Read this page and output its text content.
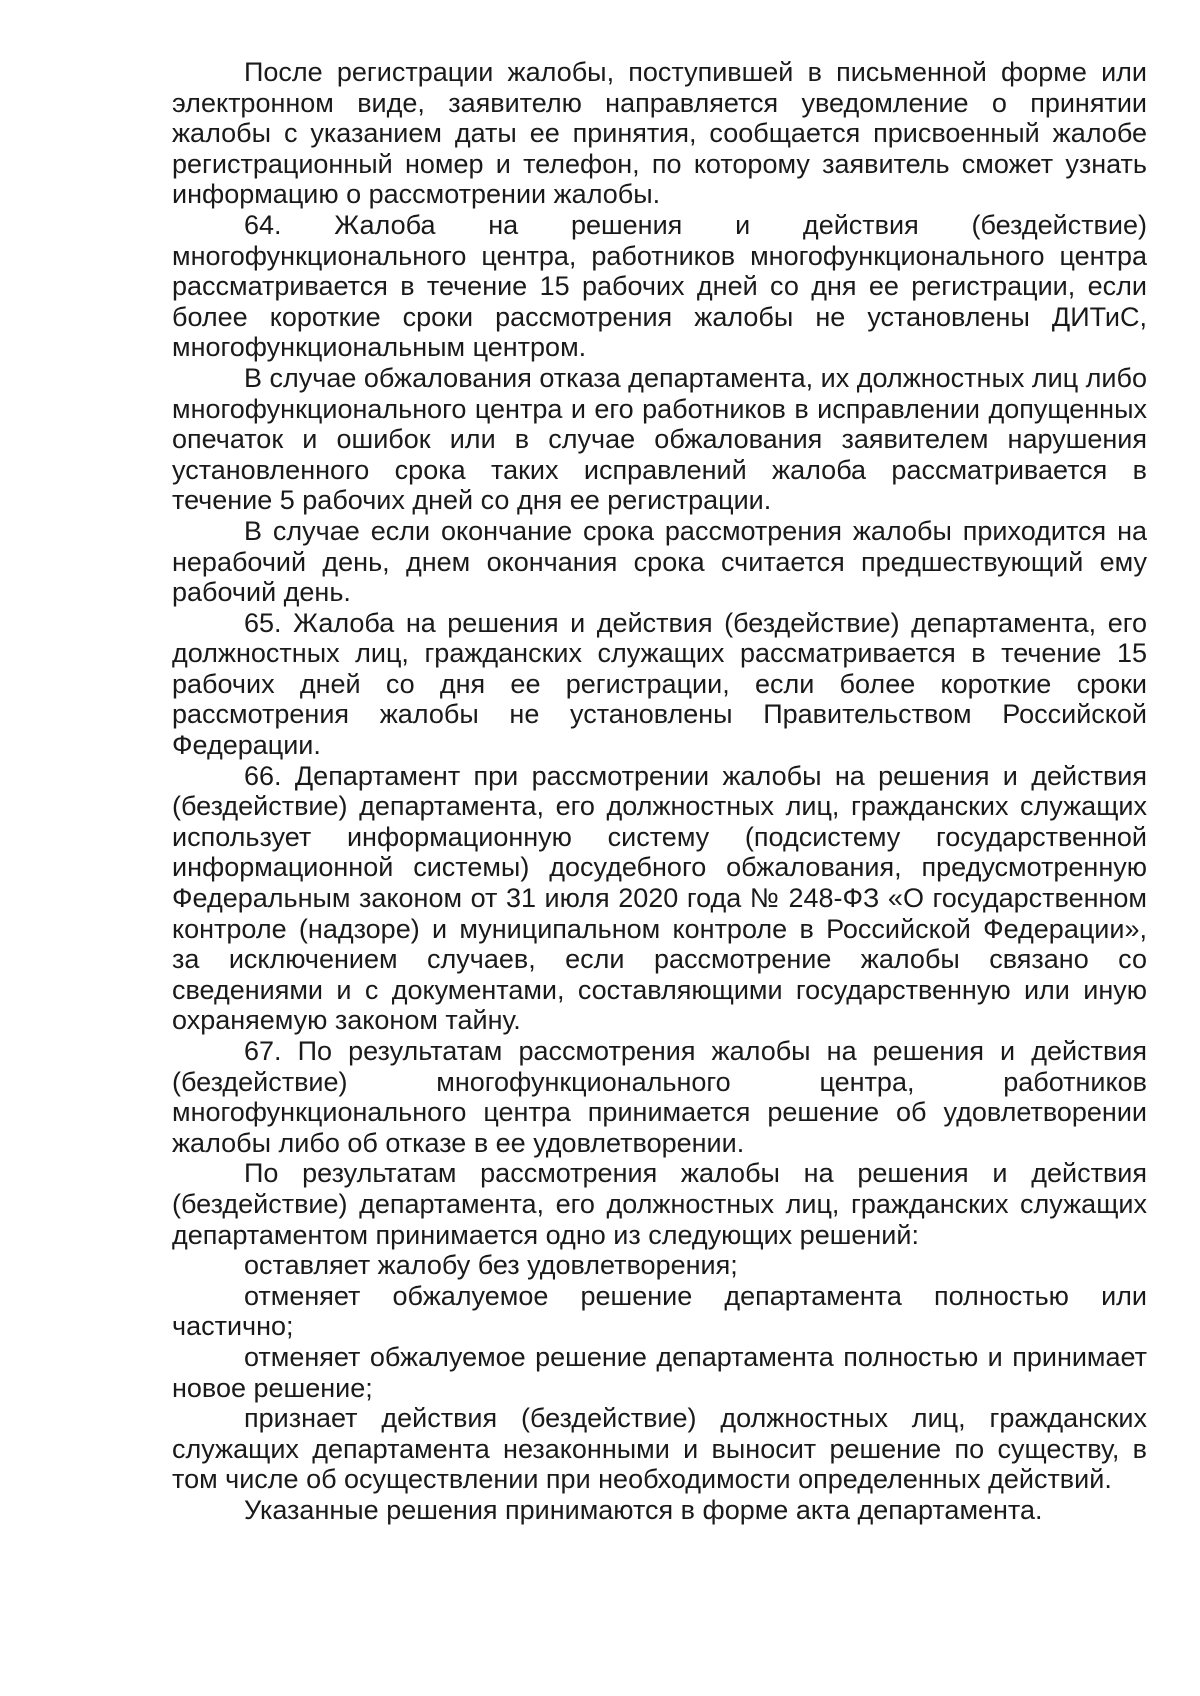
После регистрации жалобы, поступившей в письменной форме или электронном виде, заявителю направляется уведомление о принятии жалобы с указанием даты ее принятия, сообщается присвоенный жалобе регистрационный номер и телефон, по которому заявитель сможет узнать информацию о рассмотрении жалобы.

64. Жалоба на решения и действия (бездействие) многофункционального центра, работников многофункционального центра рассматривается в течение 15 рабочих дней со дня ее регистрации, если более короткие сроки рассмотрения жалобы не установлены ДИТиС, многофункциональным центром.

В случае обжалования отказа департамента, их должностных лиц либо многофункционального центра и его работников в исправлении допущенных опечаток и ошибок или в случае обжалования заявителем нарушения установленного срока таких исправлений жалоба рассматривается в течение 5 рабочих дней со дня ее регистрации.

В случае если окончание срока рассмотрения жалобы приходится на нерабочий день, днем окончания срока считается предшествующий ему рабочий день.

65. Жалоба на решения и действия (бездействие) департамента, его должностных лиц, гражданских служащих рассматривается в течение 15 рабочих дней со дня ее регистрации, если более короткие сроки рассмотрения жалобы не установлены Правительством Российской Федерации.

66. Департамент при рассмотрении жалобы на решения и действия (бездействие) департамента, его должностных лиц, гражданских служащих использует информационную систему (подсистему государственной информационной системы) досудебного обжалования, предусмотренную Федеральным законом от 31 июля 2020 года № 248-ФЗ «О государственном контроле (надзоре) и муниципальном контроле в Российской Федерации», за исключением случаев, если рассмотрение жалобы связано со сведениями и с документами, составляющими государственную или иную охраняемую законом тайну.

67. По результатам рассмотрения жалобы на решения и действия (бездействие) многофункционального центра, работников многофункционального центра принимается решение об удовлетворении жалобы либо об отказе в ее удовлетворении.

По результатам рассмотрения жалобы на решения и действия (бездействие) департамента, его должностных лиц, гражданских служащих департаментом принимается одно из следующих решений:

оставляет жалобу без удовлетворения;

отменяет обжалуемое решение департамента полностью или частично;

отменяет обжалуемое решение департамента полностью и принимает новое решение;

признает действия (бездействие) должностных лиц, гражданских служащих департамента незаконными и выносит решение по существу, в том числе об осуществлении при необходимости определенных действий.

Указанные решения принимаются в форме акта департамента.
